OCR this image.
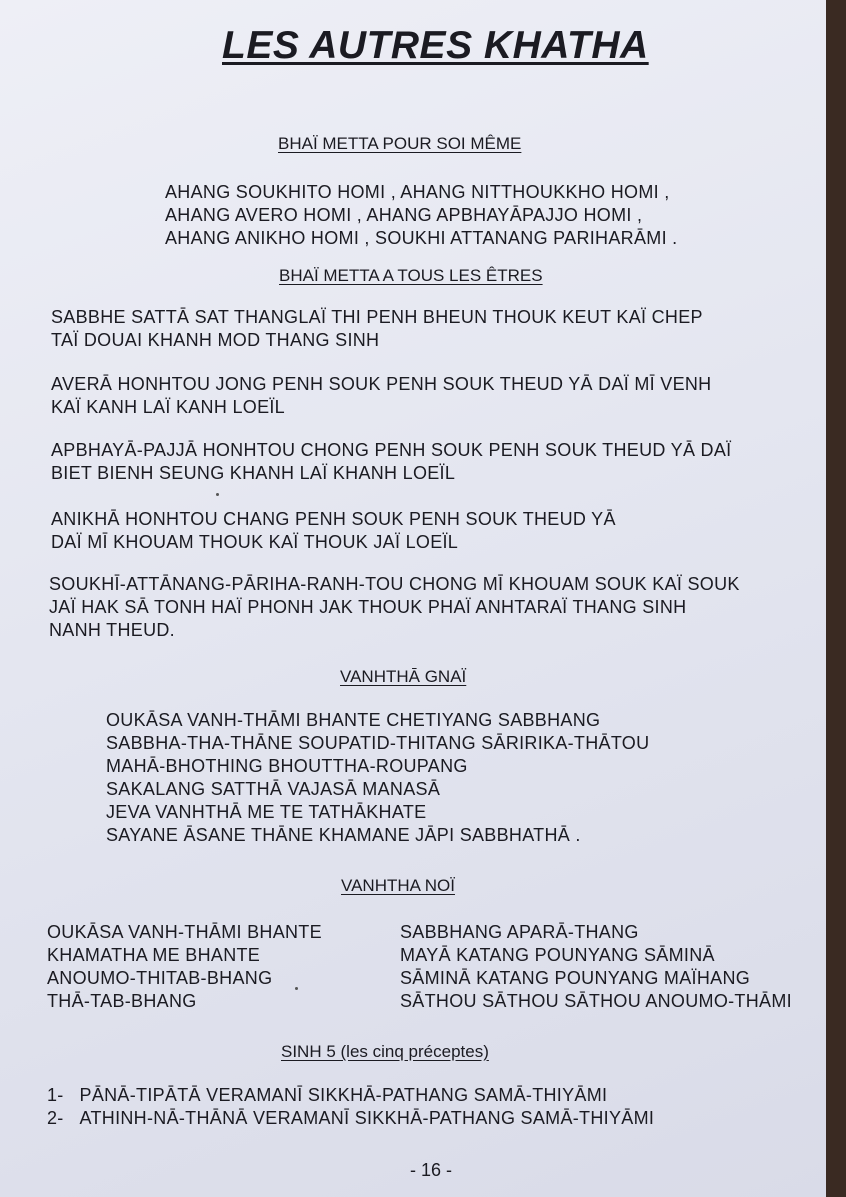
LES AUTRES KHATHA
BHAÏ METTA POUR SOI MÊME
AHANG SOUKHITO HOMI , AHANG NITTHOUKKHO HOMI ,
AHANG AVERO HOMI , AHANG APBHAYĀPAJJO HOMI ,
AHANG ANIKHO HOMI , SOUKHI ATTANANG PARIHARĀMI .
BHAÏ METTA A TOUS LES ÊTRES
SABBHE SATTĀ SAT THANGLAÏ THI PENH BHEUN THOUK KEUT KAÏ CHEP
TAÏ DOUAI KHANH MOD THANG SINH
AVERĀ HONHTOU JONG PENH SOUK PENH SOUK THEUD YĀ DAÏ MĪ VENH
KAÏ KANH LAÏ KANH LOEÏL
APBHAYĀ-PAJJĀ HONHTOU CHONG PENH SOUK PENH SOUK THEUD YĀ DAÏ
BIET BIENH SEUNG KHANH LAÏ KHANH LOEÏL
ANIKHĀ HONHTOU CHANG PENH SOUK PENH SOUK THEUD YĀ
DAÏ MĪ KHOUAM THOUK KAÏ THOUK JAÏ LOEÏL
SOUKHĪ-ATTĀNANG-PĀRIHA-RANH-TOU CHONG MĪ KHOUAM SOUK KAÏ SOUK
JAÏ HAK SĀ TONH HAÏ PHONH JAK THOUK PHAÏ ANHTARAÏ THANG SINH
NANH THEUD.
VANHTHĀ GNAÏ
OUKĀSA VANH-THĀMI BHANTE CHETIYANG SABBHANG
SABBHA-THA-THĀNE SOUPATID-THITANG SĀRIRIKA-THĀTOU
MAHĀ-BHOTHING BHOUTTHA-ROUPANG
SAKALANG SATTHĀ VAJASĀ MANASĀ
JEVA VANHTHĀ ME TE TATHĀKHATE
SAYANE ĀSANE THĀNE KHAMANE JĀPI SABBHATHĀ .
VANHTHA NOÏ
OUKĀSA VANH-THĀMI BHANTE
KHAMATHA ME BHANTE
ANOUMO-THITAB-BHANG
THĀ-TAB-BHANG
SABBHANG APARĀ-THANG
MAYĀ KATANG POUNYANG SĀMINĀ
SĀMINĀ KATANG POUNYANG MAÏHANG
SĀTHOU SĀTHOU SĀTHOU ANOUMO-THĀMI
SINH 5 (les cinq préceptes)
1- PĀNĀ-TIPĀTĀ VERAMANĪ SIKKHĀ-PATHANG SAMĀ-THIYĀMI
2- ATHINH-NĀ-THĀNĀ VERAMANĪ SIKKHĀ-PATHANG SAMĀ-THIYĀMI
- 16 -
